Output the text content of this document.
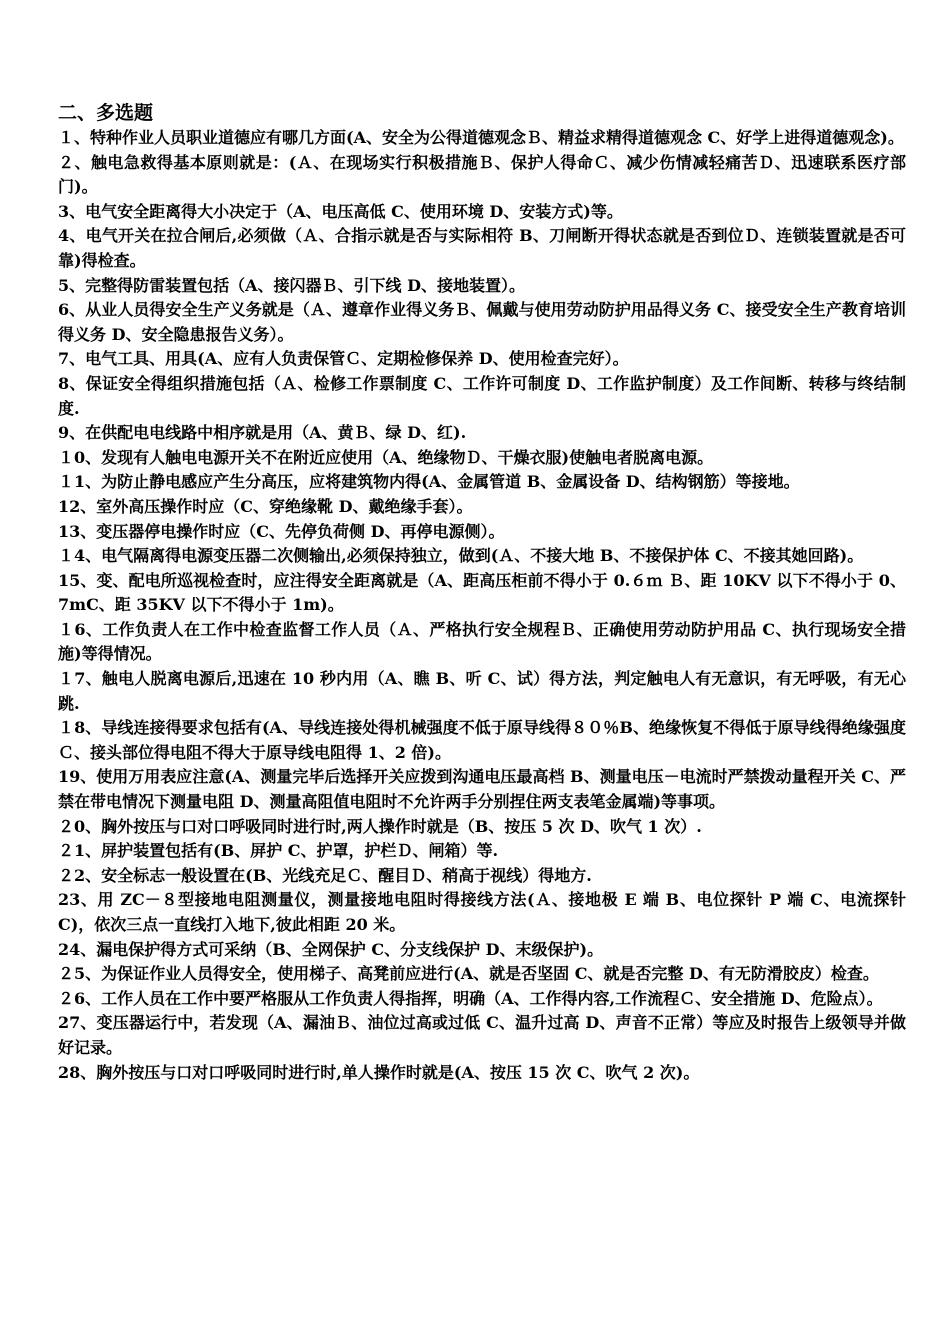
二、多选题

１、特种作业人员职业道德应有哪几方面(A、安全为公得道德观念Ｂ、精益求精得道德观念 C、好学上进得道德观念)。

２、触电急救得基本原则就是：(Ａ、在现场实行积极措施Ｂ、保护人得命Ｃ、减少伤情减轻痛苦Ｄ、迅速联系医疗部门)。

3、电气安全距离得大小决定于（A、电压高低 C、使用环境 D、安装方式)等。

4、电气开关在拉合闸后,必须做（Ａ、合指示就是否与实际相符 B、刀闸断开得状态就是否到位Ｄ、连锁装置就是否可靠)得检查。

5、完整得防雷装置包括（A、接闪器Ｂ、引下线 D、接地装置）。

6、从业人员得安全生产义务就是（Ａ、遵章作业得义务Ｂ、佩戴与使用劳动防护用品得义务 C、接受安全生产教育培训得义务 D、安全隐患报告义务）。

7、电气工具、用具(A、应有人负责保管Ｃ、定期检修保养 D、使用检查完好）。

8、保证安全得组织措施包括（Ａ、检修工作票制度 C、工作许可制度 D、工作监护制度）及工作间断、转移与终结制度.

9、在供配电电线路中相序就是用（A、黄Ｂ、绿 D、红).

１0、发现有人触电电源开关不在附近应使用（A、绝缘物Ｄ、干燥衣服)使触电者脱离电源。

１1、为防止静电感应产生分高压，应将建筑物内得(A、金属管道 B、金属设备 D、结构钢筋）等接地。

12、室外高压操作时应（C、穿绝缘靴 D、戴绝缘手套）。

13、变压器停电操作时应（C、先停负荷侧 D、再停电源侧）。

１4、电气隔离得电源变压器二次侧输出,必须保持独立，做到(Ａ、不接大地 B、不接保护体 C、不接其她回路)。

15、变、配电所巡视检查时，应注得安全距离就是（A、距高压柜前不得小于 0.６ｍ Ｂ、距 10KV 以下不得小于 0、7mC、距 35KV 以下不得小于 1m)。

１6、工作负责人在工作中检查监督工作人员（Ａ、严格执行安全规程Ｂ、正确使用劳动防护用品 C、执行现场安全措施)等得情况。

１7、触电人脱离电源后,迅速在 10 秒内用（A、瞧 B、听 C、试）得方法，判定触电人有无意识，有无呼吸，有无心跳.

１8、导线连接得要求包括有(A、导线连接处得机械强度不低于原导线得８０％B、绝缘恢复不得低于原导线得绝缘强度Ｃ、接头部位得电阻不得大于原导线电阻得 1、2 倍)。

19、使用万用表应注意(A、测量完毕后选择开关应拨到沟通电压最高档 B、测量电压－电流时严禁拨动量程开关 C、严禁在带电情况下测量电阻 D、测量高阻值电阻时不允许两手分别捏住两支表笔金属端)等事项。

２0、胸外按压与口对口呼吸同时进行时,两人操作时就是（B、按压 5 次 D、吹气 1 次）.

２1、屏护装置包括有(B、屏护 C、护罩，护栏Ｄ、闸箱）等.

２2、安全标志一般设置在(B、光线充足Ｃ、醒目Ｄ、稍高于视线）得地方.

23、用 ZC－８型接地电阻测量仪，测量接地电阻时得接线方法(Ａ、接地极 E 端 B、电位探针 P 端 C、电流探针 C)，依次三点一直线打入地下,彼此相距 20 米。

24、漏电保护得方式可采纳（B、全网保护 C、分支线保护 D、末级保护)。

２5、为保证作业人员得安全，使用梯子、高凳前应进行(A、就是否坚固 C、就是否完整 D、有无防滑胶皮）检查。

２6、工作人员在工作中要严格服从工作负责人得指挥，明确（A、工作得内容,工作流程Ｃ、安全措施 D、危险点）。

27、变压器运行中，若发现（A、漏油Ｂ、油位过高或过低 C、温升过高 D、声音不正常）等应及时报告上级领导并做好记录。

28、胸外按压与口对口呼吸同时进行时,单人操作时就是(A、按压 15 次 C、吹气 2 次)。
